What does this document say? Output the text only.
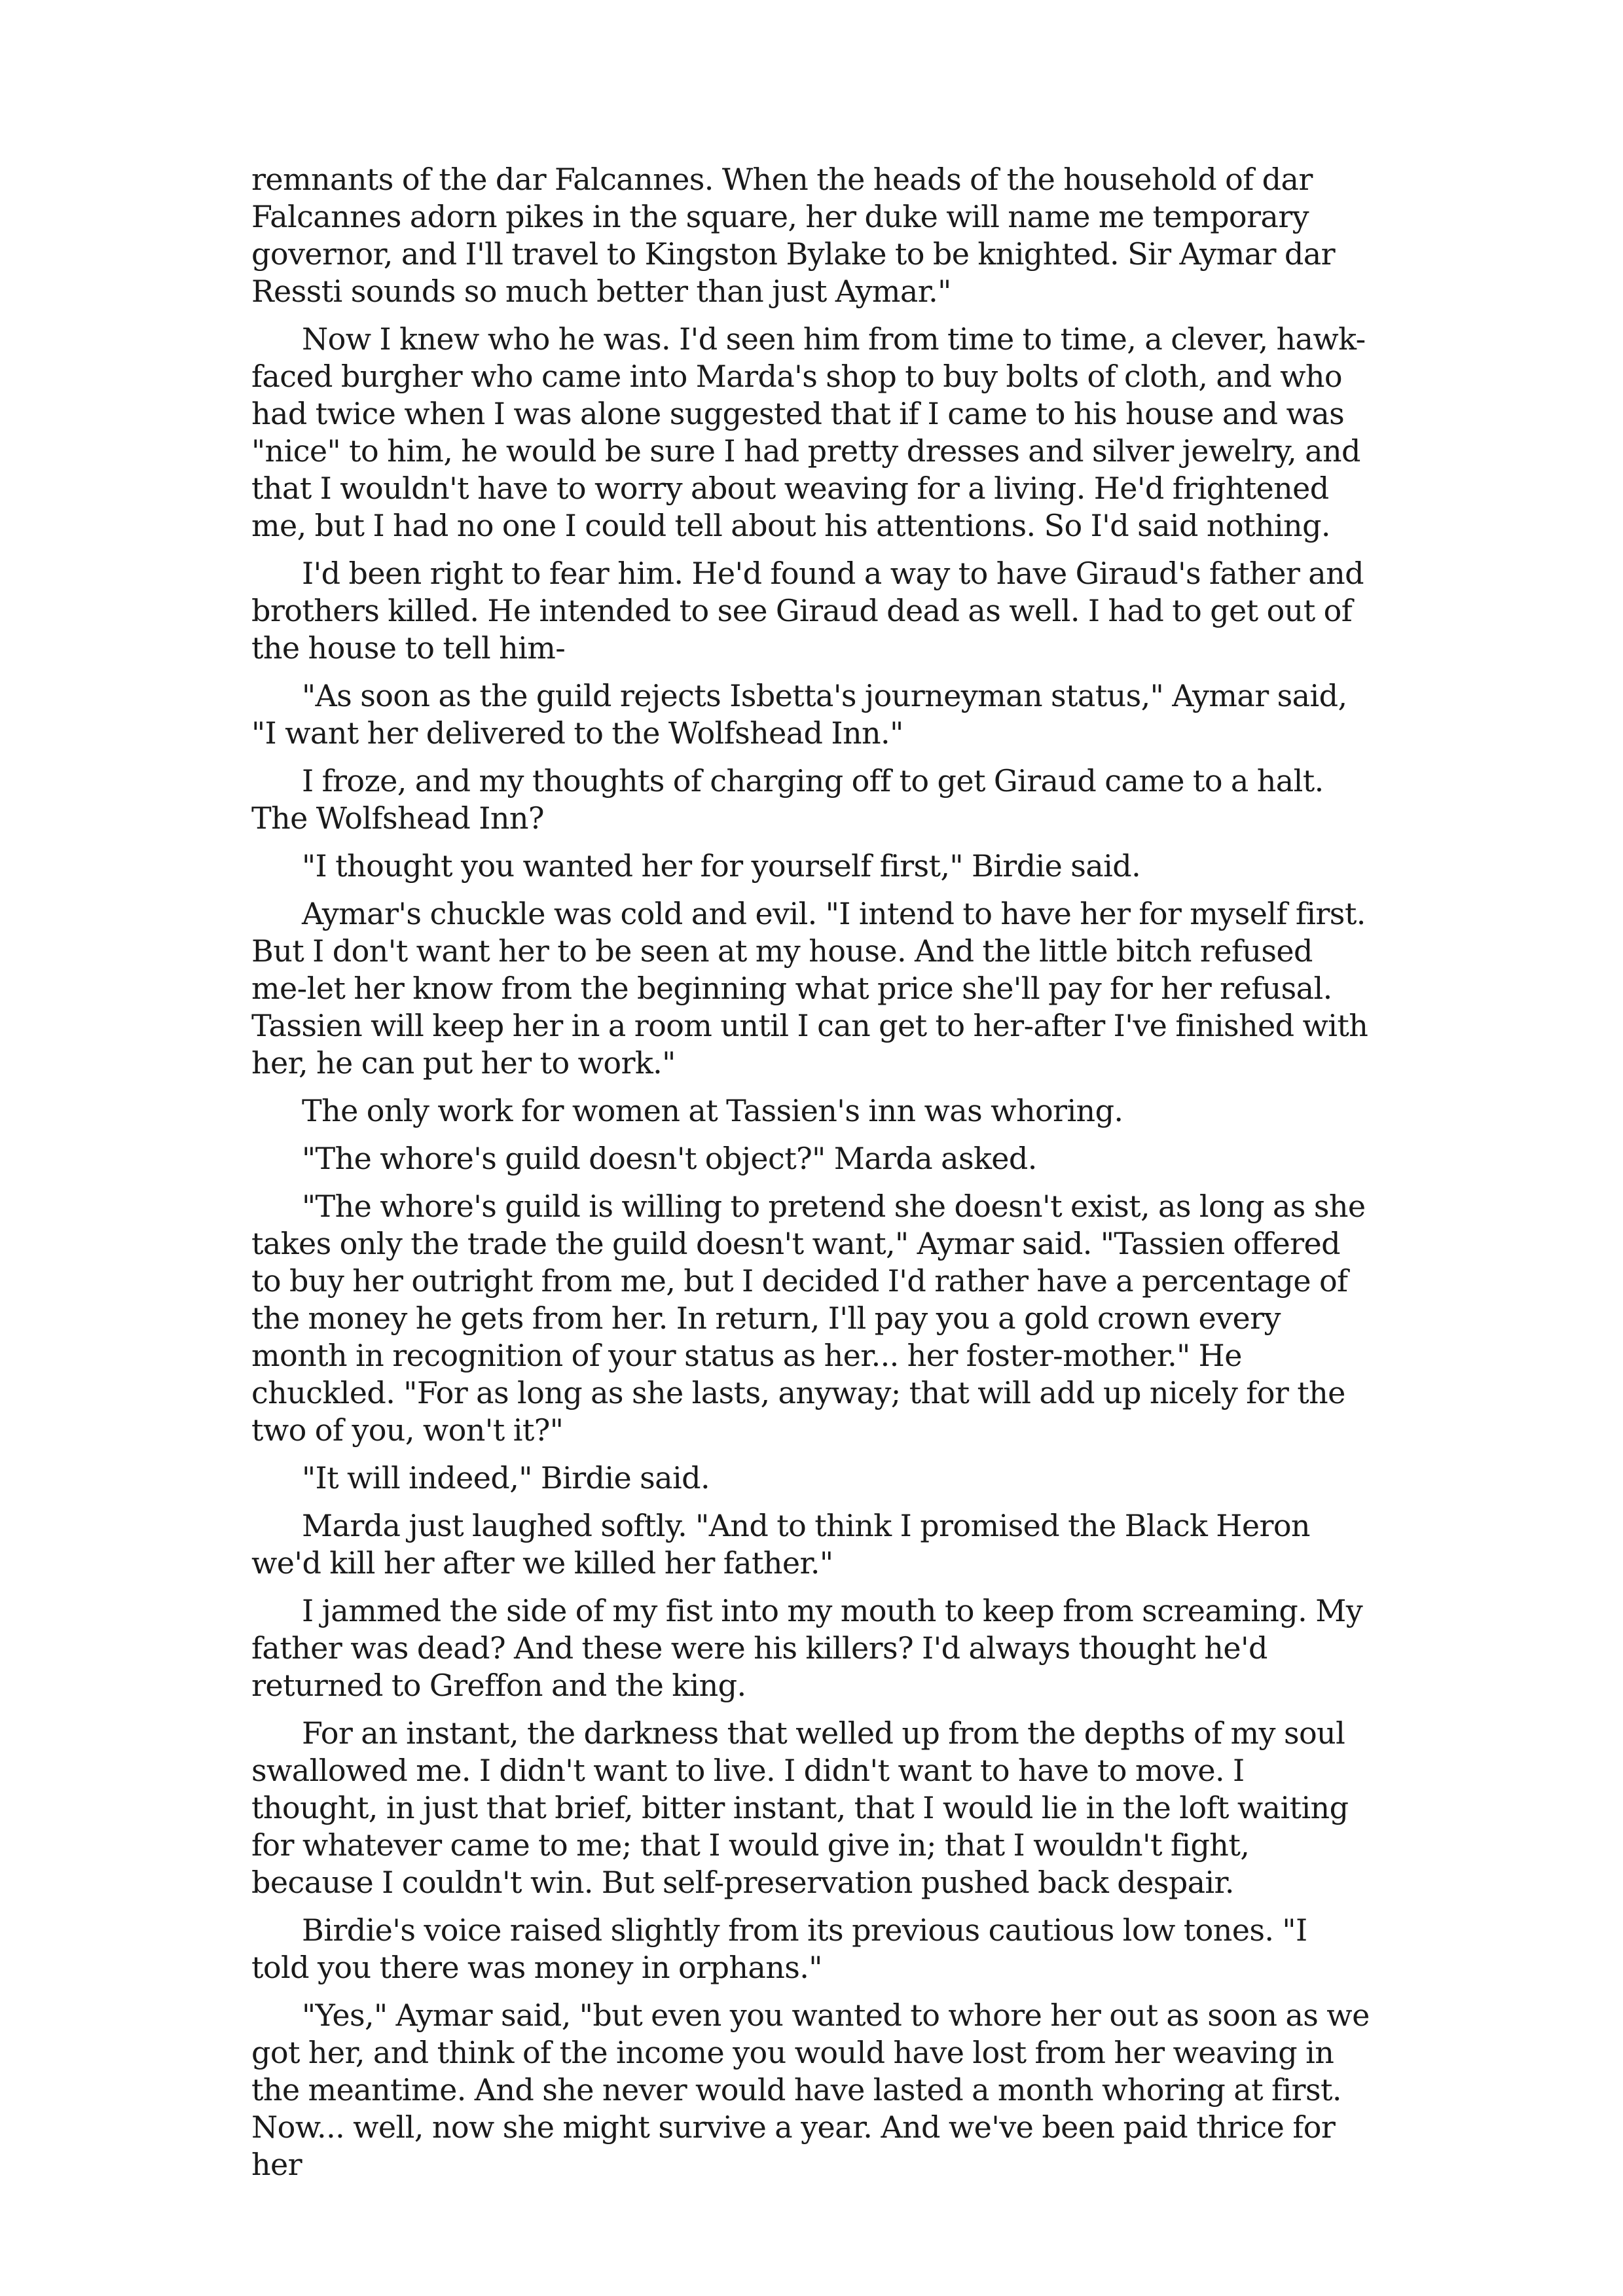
remnants of the dar Falcannes. When the heads of the household of dar Falcannes adorn pikes in the square, her duke will name me temporary governor, and I'll travel to Kingston Bylake to be knighted. Sir Aymar dar Ressti sounds so much better than just Aymar."

Now I knew who he was. I'd seen him from time to time, a clever, hawk-faced burgher who came into Marda's shop to buy bolts of cloth, and who had twice when I was alone suggested that if I came to his house and was "nice" to him, he would be sure I had pretty dresses and silver jewelry, and that I wouldn't have to worry about weaving for a living. He'd frightened me, but I had no one I could tell about his attentions. So I'd said nothing.

I'd been right to fear him. He'd found a way to have Giraud's father and brothers killed. He intended to see Giraud dead as well. I had to get out of the house to tell him-

"As soon as the guild rejects Isbetta's journeyman status," Aymar said, "I want her delivered to the Wolfshead Inn."

I froze, and my thoughts of charging off to get Giraud came to a halt. The Wolfshead Inn?

"I thought you wanted her for yourself first," Birdie said.

Aymar's chuckle was cold and evil. "I intend to have her for myself first. But I don't want her to be seen at my house. And the little bitch refused me-let her know from the beginning what price she'll pay for her refusal. Tassien will keep her in a room until I can get to her-after I've finished with her, he can put her to work."

The only work for women at Tassien's inn was whoring.

"The whore's guild doesn't object?" Marda asked.

"The whore's guild is willing to pretend she doesn't exist, as long as she takes only the trade the guild doesn't want," Aymar said. "Tassien offered to buy her outright from me, but I decided I'd rather have a percentage of the money he gets from her. In return, I'll pay you a gold crown every month in recognition of your status as her... her foster-mother." He chuckled. "For as long as she lasts, anyway; that will add up nicely for the two of you, won't it?"

"It will indeed," Birdie said.

Marda just laughed softly. "And to think I promised the Black Heron we'd kill her after we killed her father."

I jammed the side of my fist into my mouth to keep from screaming. My father was dead? And these were his killers? I'd always thought he'd returned to Greffon and the king.

For an instant, the darkness that welled up from the depths of my soul swallowed me. I didn't want to live. I didn't want to have to move. I thought, in just that brief, bitter instant, that I would lie in the loft waiting for whatever came to me; that I would give in; that I wouldn't fight, because I couldn't win. But self-preservation pushed back despair.

Birdie's voice raised slightly from its previous cautious low tones. "I told you there was money in orphans."

"Yes," Aymar said, "but even you wanted to whore her out as soon as we got her, and think of the income you would have lost from her weaving in the meantime. And she never would have lasted a month whoring at first. Now... well, now she might survive a year. And we've been paid thrice for her
